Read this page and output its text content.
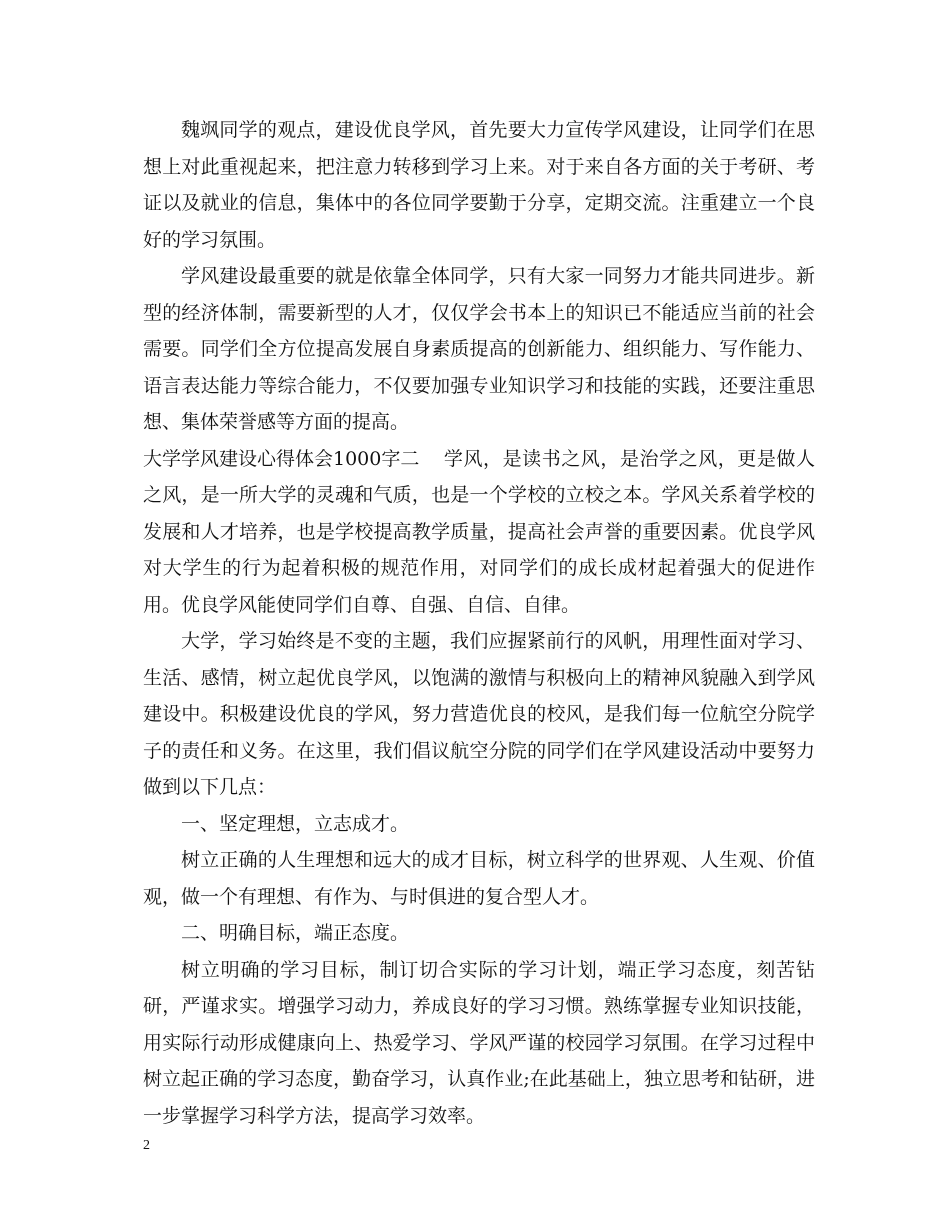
魏飒同学的观点，建设优良学风，首先要大力宣传学风建设，让同学们在思想上对此重视起来，把注意力转移到学习上来。对于来自各方面的关于考研、考证以及就业的信息，集体中的各位同学要勤于分享，定期交流。注重建立一个良好的学习氛围。

学风建设最重要的就是依靠全体同学，只有大家一同努力才能共同进步。新型的经济体制，需要新型的人才，仅仅学会书本上的知识已不能适应当前的社会需要。同学们全方位提高发展自身素质提高的创新能力、组织能力、写作能力、语言表达能力等综合能力，不仅要加强专业知识学习和技能的实践，还要注重思想、集体荣誉感等方面的提高。

大学学风建设心得体会1000字二 学风，是读书之风，是治学之风，更是做人之风，是一所大学的灵魂和气质，也是一个学校的立校之本。学风关系着学校的发展和人才培养，也是学校提高教学质量，提高社会声誉的重要因素。优良学风对大学生的行为起着积极的规范作用，对同学们的成长成材起着强大的促进作用。优良学风能使同学们自尊、自强、自信、自律。

大学，学习始终是不变的主题，我们应握紧前行的风帆，用理性面对学习、生活、感情，树立起优良学风，以饱满的激情与积极向上的精神风貌融入到学风建设中。积极建设优良的学风，努力营造优良的校风，是我们每一位航空分院学子的责任和义务。在这里，我们倡议航空分院的同学们在学风建设活动中要努力做到以下几点：

一、坚定理想，立志成才。

树立正确的人生理想和远大的成才目标，树立科学的世界观、人生观、价值观，做一个有理想、有作为、与时俱进的复合型人才。

二、明确目标，端正态度。

树立明确的学习目标，制订切合实际的学习计划，端正学习态度，刻苦钻研，严谨求实。增强学习动力，养成良好的学习习惯。熟练掌握专业知识技能，用实际行动形成健康向上、热爱学习、学风严谨的校园学习氛围。在学习过程中树立起正确的学习态度，勤奋学习，认真作业;在此基础上，独立思考和钻研，进一步掌握学习科学方法，提高学习效率。

2
